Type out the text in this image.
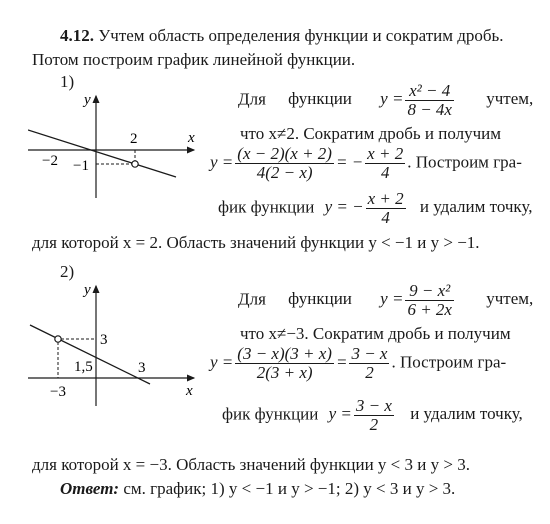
4.12. Учтем область определения функции и сократим дробь.
Потом построим график линейной функции.
1)
y
x
2
−2 −1
Для функции $y = \frac{\text{x² − 4}}{8 - 4x}$ учтем,
что x≠2. Сократим дробь и получим
$y = \frac{(x - 2)(x + 2)}{4(2 - x)}$ = − $\frac{x + 2}{4}$ . Построим гра-
фик функции y = − $\frac{x + 2}{4}$ и удалим точку,
для которой x = 2. Область значений функции y < −1 и y > −1.
2)
y
x
3
1,5	3
−3
Для функции $y = \frac{\text{9 − x²}}{6 + 2x}$ учтем,
что x≠−3. Сократим дробь и получим
$y = \frac{(3 - x)(3 + x)}{2(3 + x)} = \frac{3 - x}{2}$ . Построим гра-
фик функции $y = \frac{3 - x}{2}$ и удалим точку,
для которой x = −3. Область значений функции y < 3 и y > 3.
Ответ: см. график; 1) y < −1 и y > −1; 2) y < 3 и y > 3.
